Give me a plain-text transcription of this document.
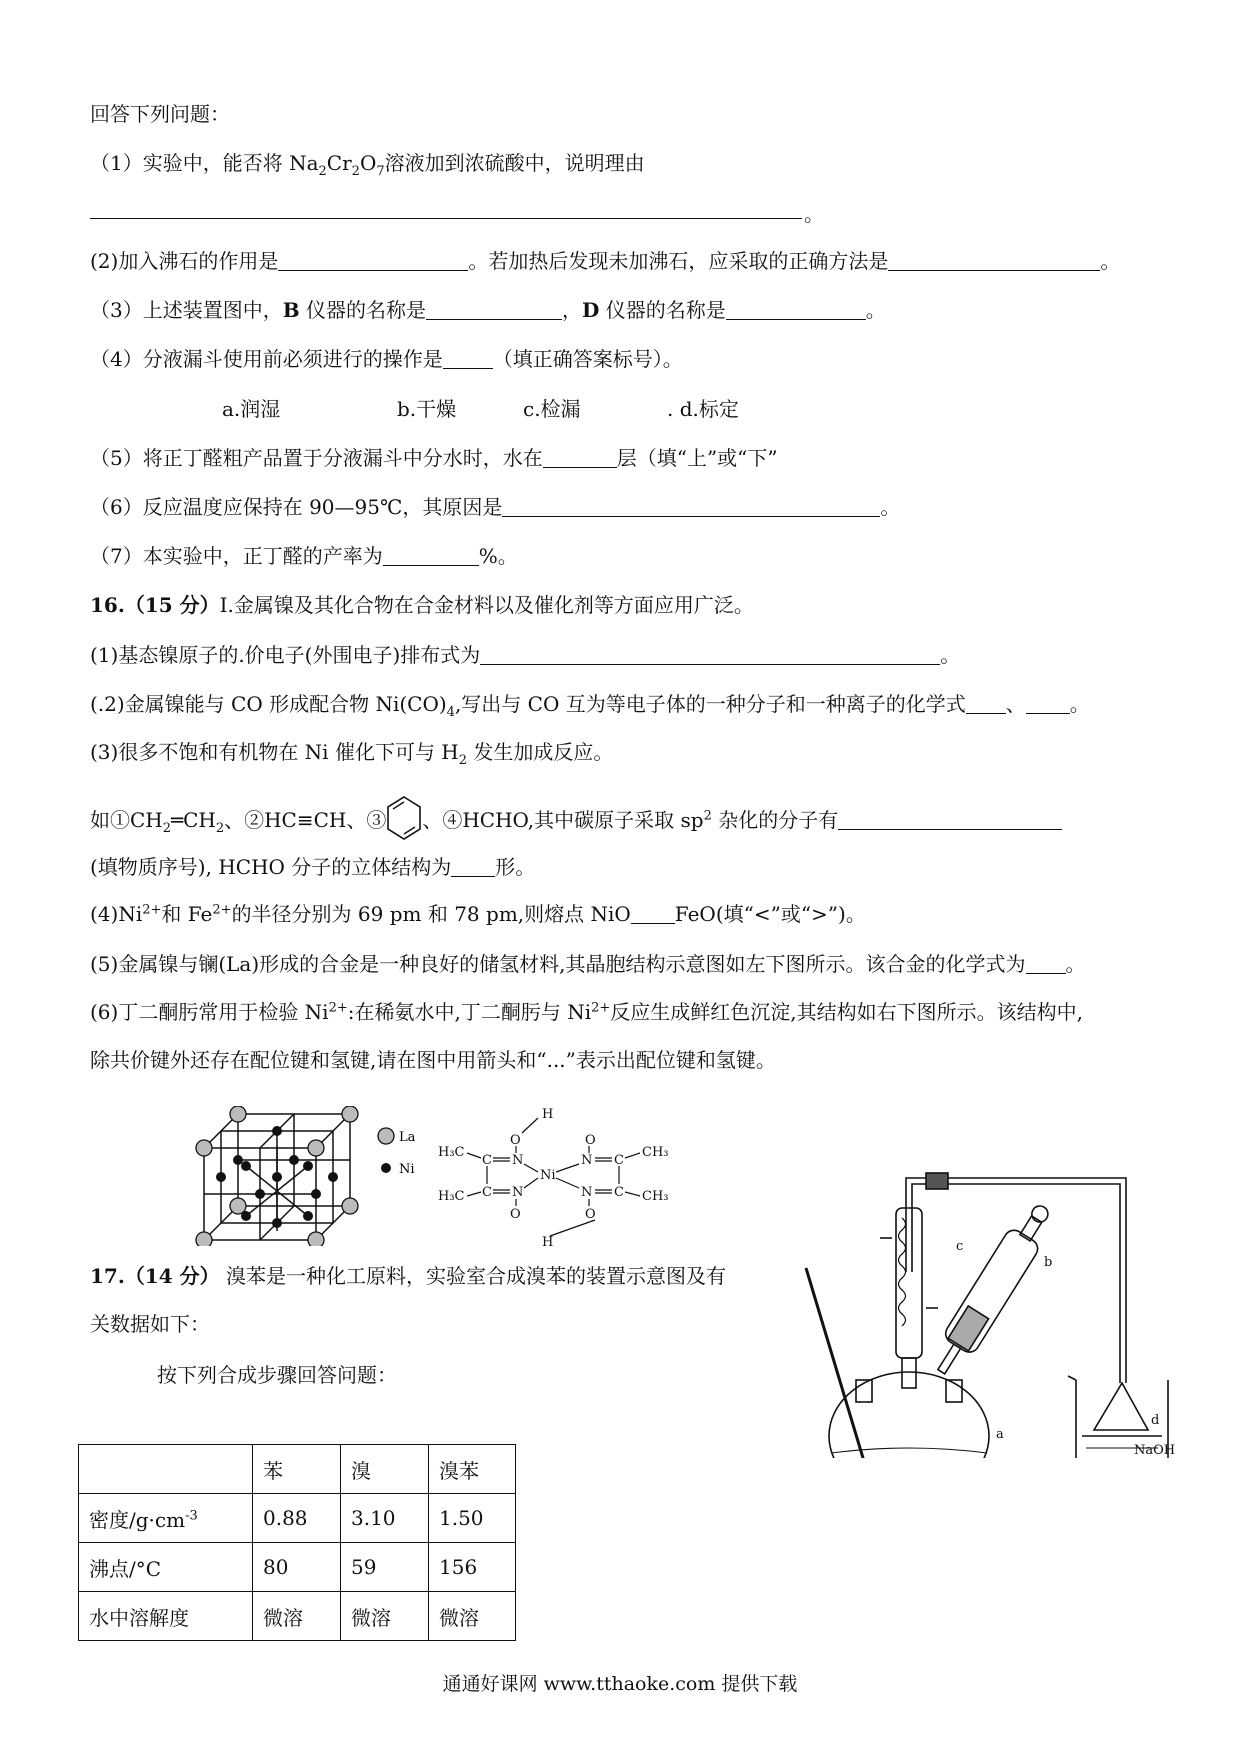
回答下列问题：
（1）实验中，能否将 $Na_2Cr_2O_7$溶液加到浓硫酸中，说明理由
。
(2)加入沸石的作用是	。若加热后发现未加沸石，应采取的正确方法是	。
（3）上述装置图中，B 仪器的名称是	，D 仪器的名称是	。
（4）分液漏斗使用前必须进行的操作是	（填正确答案标号）。
a.润湿	b.干燥	c.检漏	. d.标定
（5）将正丁醛粗产品置于分液漏斗中分水时，水在	层（填“上”或“下”
（6）反应温度应保持在 90—95℃，其原因是	。
（7）本实验中，正丁醛的产率为	%。
16.（15 分）I.金属镍及其化合物在合金材料以及催化剂等方面应用广泛。
(1)基态镍原子的.价电子(外围电子)排布式为	。
(.2)金属镍能与 CO 形成配合物 $Ni(CO)_4$,写出与 CO 互为等电子体的一种分子和一种离子的化学式 、 。
(3)很多不饱和有机物在 Ni 催化下可与 $H_2$ 发生加成反应。
如$①CH_2═CH_2$、②HC≡CH、③ 、④HCHO,其中碳原子采取 $sp^2$ 杂化的分子有
(填物质序号), HCHO 分子的立体结构为 形。
$(4)Ni^{2+}$和 $Fe^{2+}$的半径分别为 69 pm 和 78 pm,则熔点 NiO FeO(填“<”或“>”)。
(5)金属镍与镧(La)形成的合金是一种良好的储氢材料,其晶胞结构示意图如左下图所示。该合金的化学式为 。
(6)丁二酮肟常用于检验 $Ni^{2+}$:在稀氨水中,丁二酮肟与 $Ni^{2+}$反应生成鲜红色沉淀,其结构如右下图所示。该结构中,
除共价键外还存在配位键和氢键,请在图中用箭头和“...”表示出配位键和氢键。
La
Ni
H
O	O
N	N
C	C
H₃C	CH₃
Ni
C	C
H₃C	CH₃
N	N
O	O
H	c
b
a
d
NaOH
17.（14 分） 溴苯是一种化工原料，实验室合成溴苯的装置示意图及有
关数据如下：
按下列合成步骤回答问题：
	苯	溴	溴苯
密度$/g\cdot cm^{-3}$	0.88	3.10	1.50
沸点/°C	80	59	156
水中溶解度	微溶	微溶	微溶
通通好课网 www.tthaoke.com 提供下载
